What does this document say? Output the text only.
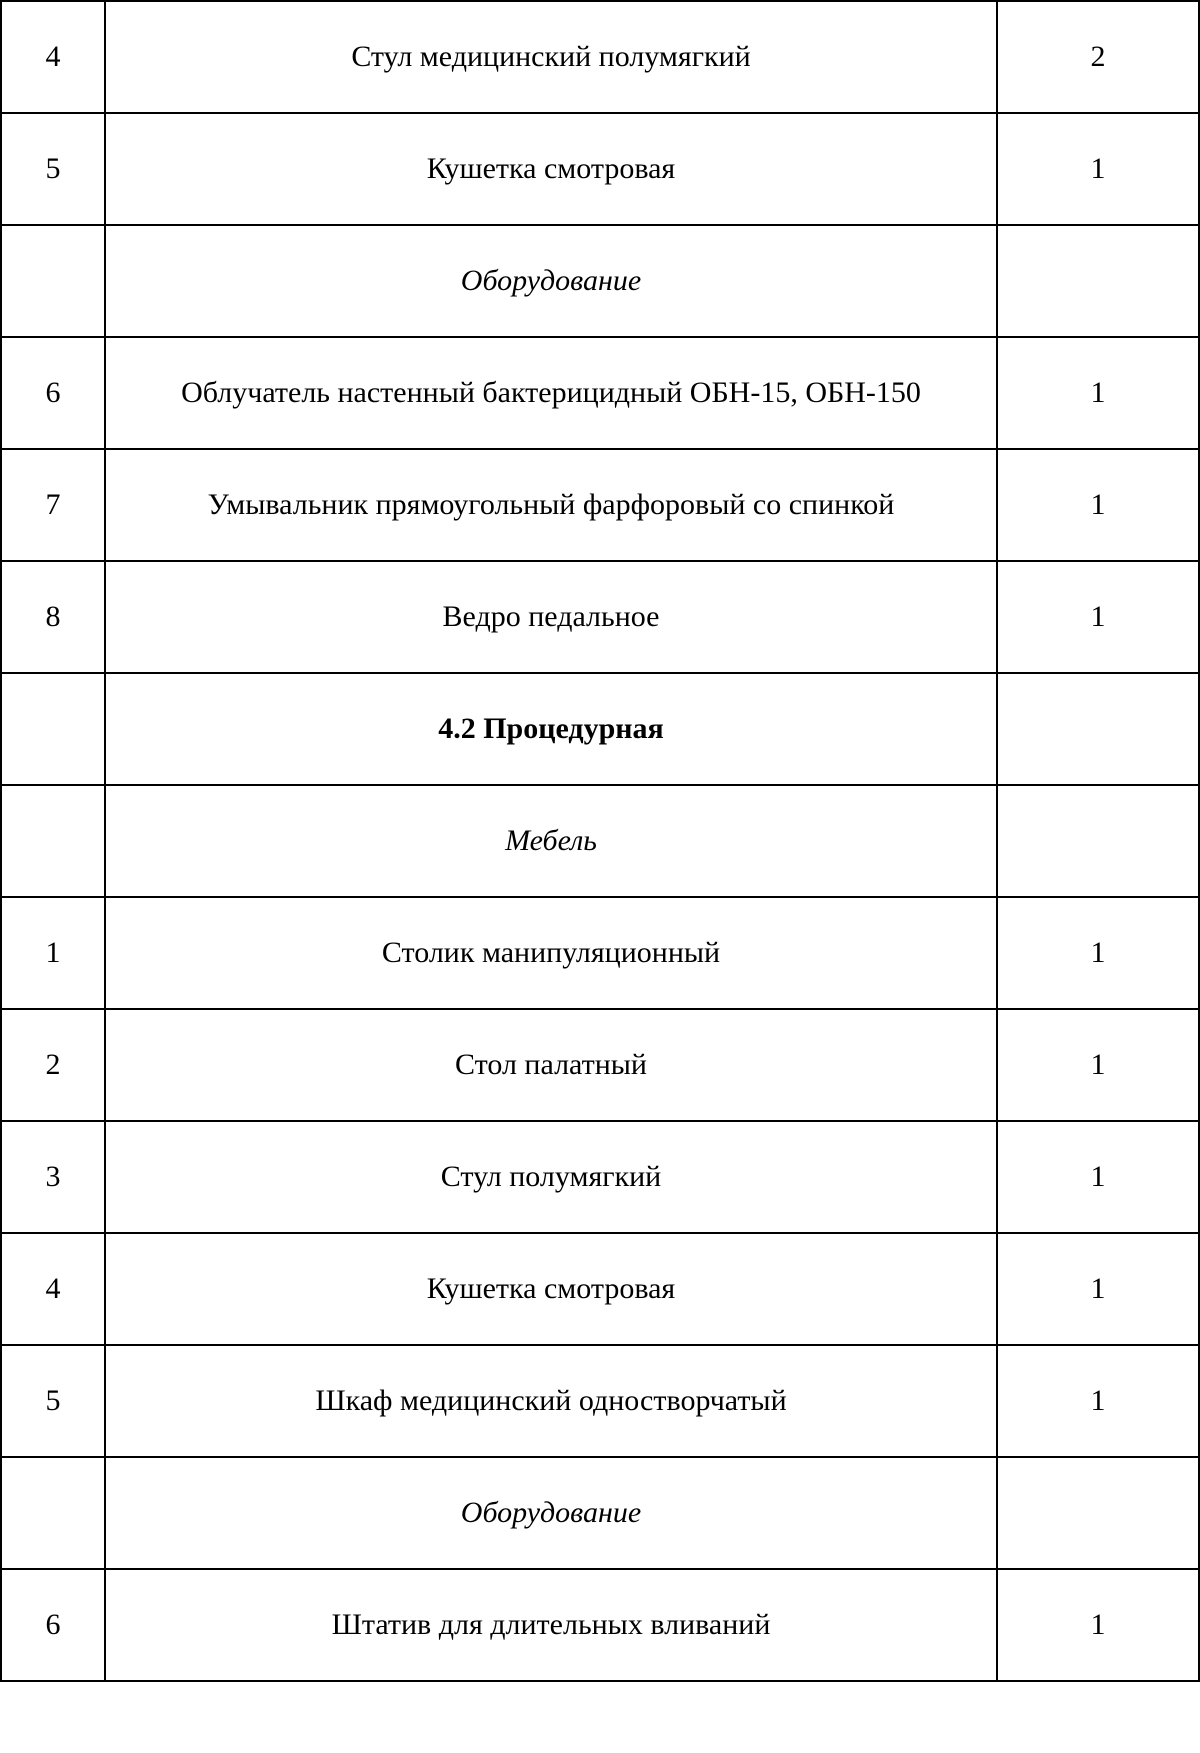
4	Стул медицинский полумягкий	2
5	Кушетка смотровая	1
	Оборудование	
6	Облучатель настенный бактерицидный ОБН-15, ОБН-150	1
7	Умывальник прямоугольный фарфоровый со спинкой	1
8	Ведро педальное	1
	4.2 Процедурная	
	Мебель	
1	Столик манипуляционный	1
2	Стол палатный	1
3	Стул полумягкий	1
4	Кушетка смотровая	1
5	Шкаф медицинский одностворчатый	1
	Оборудование	
6	Штатив для длительных вливаний	1
